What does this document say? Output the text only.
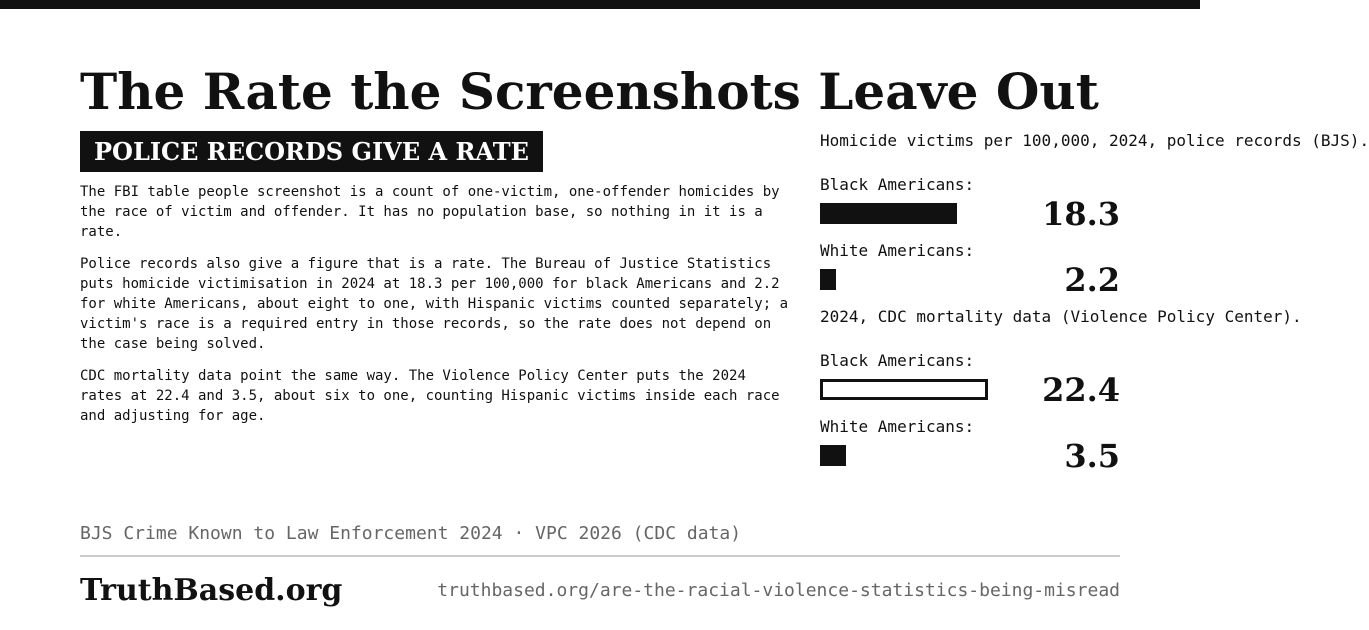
The Rate the Screenshots Leave Out
POLICE RECORDS GIVE A RATE

The FBI table people screenshot is a count of one-victim, one-offender homicides by the race of victim and offender. It has no population base, so nothing in it is a rate.

Police records also give a figure that is a rate. The Bureau of Justice Statistics puts homicide victimisation in 2024 at 18.3 per 100,000 for black Americans and 2.2 for white Americans, about eight to one, with Hispanic victims counted separately; a victim's race is a required entry in those records, so the rate does not depend on the case being solved.

CDC mortality data point the same way. The Violence Policy Center puts the 2024 rates at 22.4 and 3.5, about six to one, counting Hispanic victims inside each race and adjusting for age.

Homicide victims per 100,000, 2024, police records (BJS).

Black Americans:

18.3

White Americans:

2.2

2024, CDC mortality data (Violence Policy Center).

Black Americans:

22.4

White Americans:

3.5

BJS Crime Known to Law Enforcement 2024 · VPC 2026 (CDC data)
TruthBased.org	truthbased.org/are-the-racial-violence-statistics-being-misread
